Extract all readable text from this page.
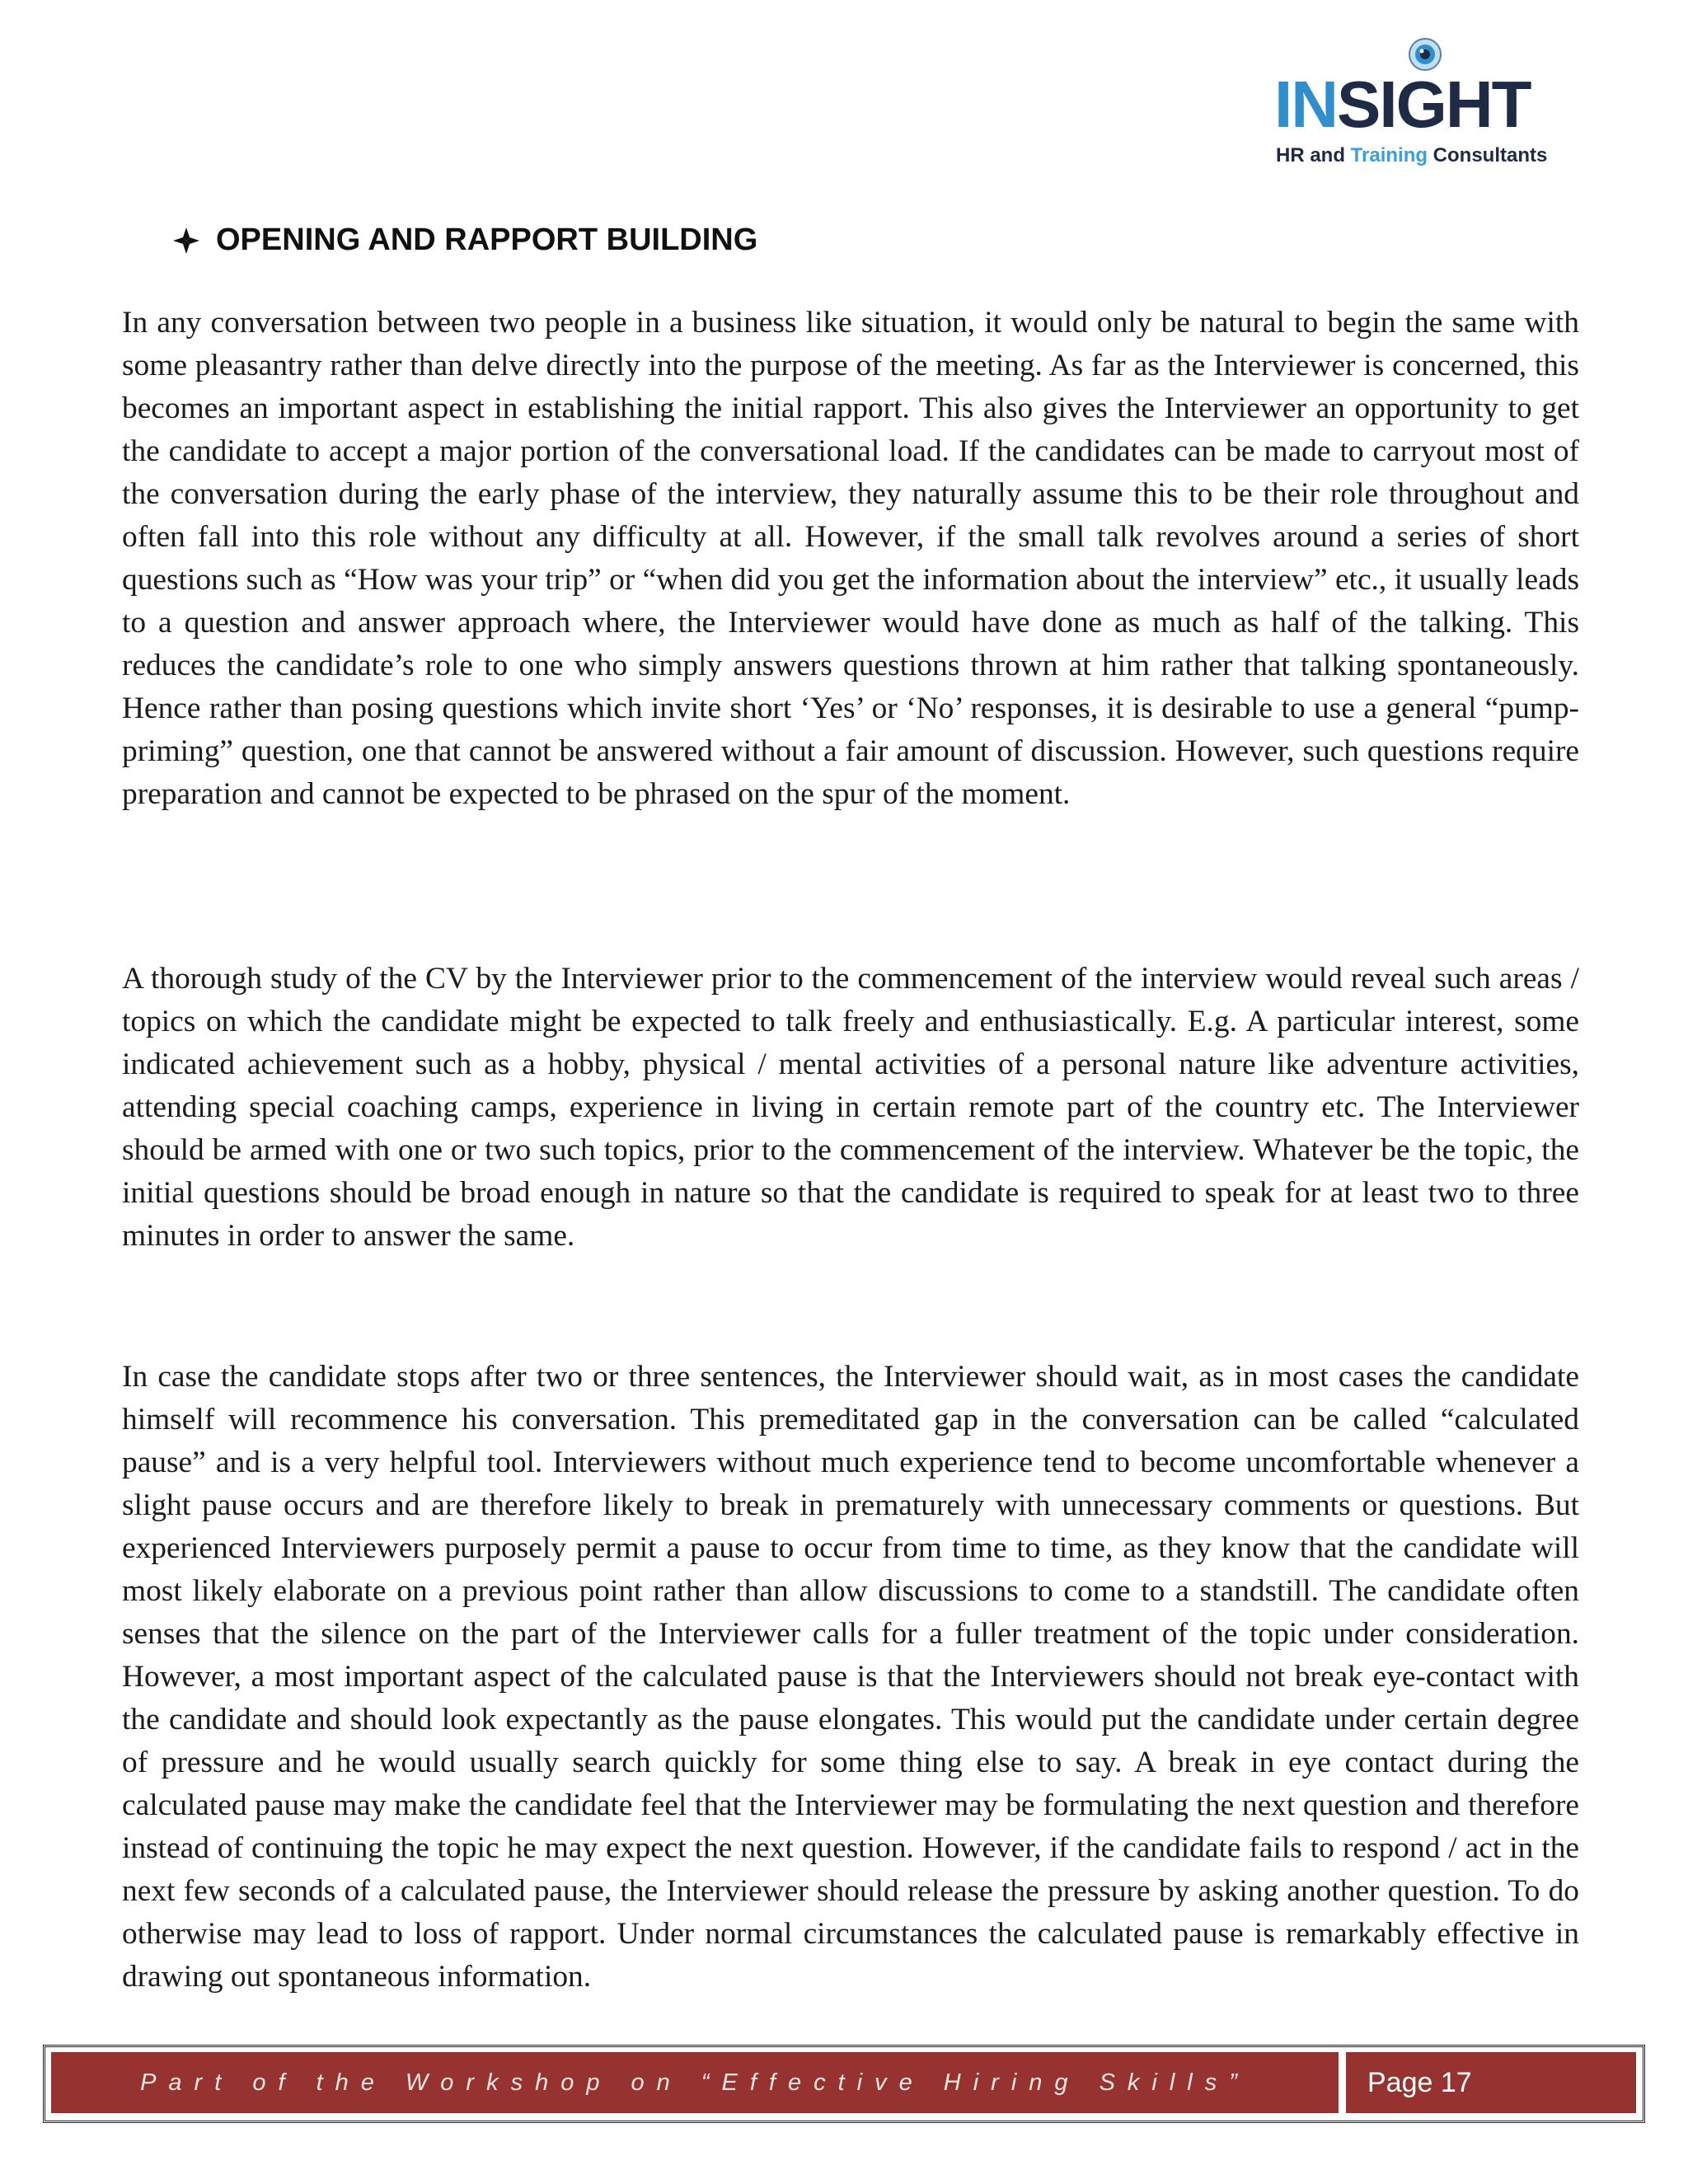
INSIGHT
HR and Training Consultants
OPENING AND RAPPORT BUILDING

In any conversation between two people in a business like situation, it would only be natural to begin the same with some pleasantry rather than delve directly into the purpose of the meeting. As far as the Interviewer is concerned, this becomes an important aspect in establishing the initial rapport. This also gives the Interviewer an opportunity to get the candidate to accept a major portion of the conversational load. If the candidates can be made to carryout most of the conversation during the early phase of the interview, they naturally assume this to be their role throughout and often fall into this role without any difficulty at all. However, if the small talk revolves around a series of short questions such as “How was your trip” or “when did you get the information about the interview” etc., it usually leads to a question and answer approach where, the Interviewer would have done as much as half of the talking. This reduces the candidate’s role to one who simply answers questions thrown at him rather that talking spontaneously. Hence rather than posing questions which invite short ‘Yes’ or ‘No’ responses, it is desirable to use a general “pump-priming” question, one that cannot be answered without a fair amount of discussion. However, such questions require preparation and cannot be expected to be phrased on the spur of the moment.

A thorough study of the CV by the Interviewer prior to the commencement of the interview would reveal such areas / topics on which the candidate might be expected to talk freely and enthusiastically. E.g. A particular interest, some indicated achievement such as a hobby, physical / mental activities of a personal nature like adventure activities, attending special coaching camps, experience in living in certain remote part of the country etc. The Interviewer should be armed with one or two such topics, prior to the commencement of the interview. Whatever be the topic, the initial questions should be broad enough in nature so that the candidate is required to speak for at least two to three minutes in order to answer the same.

In case the candidate stops after two or three sentences, the Interviewer should wait, as in most cases the candidate himself will recommence his conversation. This premeditated gap in the conversation can be called “calculated pause” and is a very helpful tool. Interviewers without much experience tend to become uncomfortable whenever a slight pause occurs and are therefore likely to break in prematurely with unnecessary comments or questions. But experienced Interviewers purposely permit a pause to occur from time to time, as they know that the candidate will most likely elaborate on a previous point rather than allow discussions to come to a standstill. The candidate often senses that the silence on the part of the Interviewer calls for a fuller treatment of the topic under consideration. However, a most important aspect of the calculated pause is that the Interviewers should not break eye-contact with the candidate and should look expectantly as the pause elongates. This would put the candidate under certain degree of pressure and he would usually search quickly for some thing else to say. A break in eye contact during the calculated pause may make the candidate feel that the Interviewer may be formulating the next question and therefore instead of continuing the topic he may expect the next question. However, if the candidate fails to respond / act in the next few seconds of a calculated pause, the Interviewer should release the pressure by asking another question. To do otherwise may lead to loss of rapport. Under normal circumstances the calculated pause is remarkably effective in drawing out spontaneous information.

Part of the Workshop on “Effective Hiring Skills”	Page 17
